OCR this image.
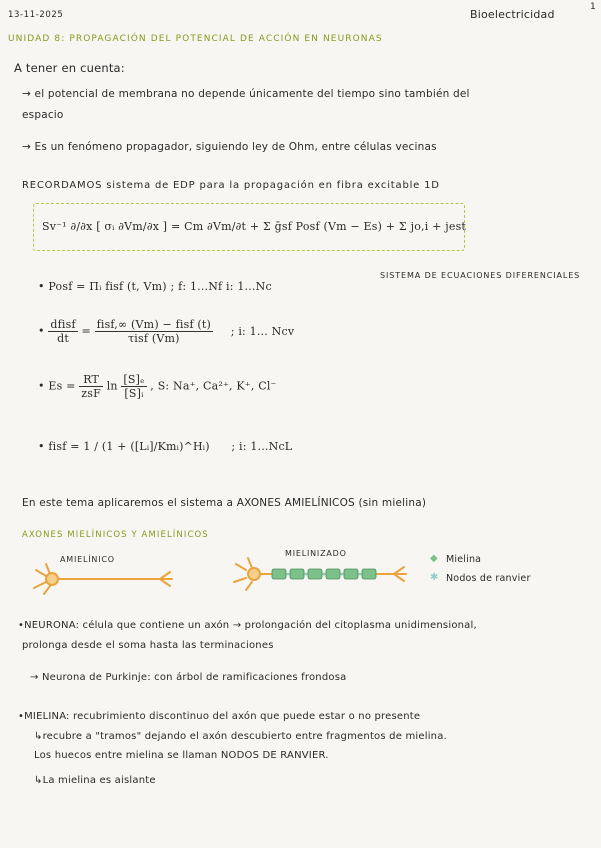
13-11-2025	Bioelectricidad
1
UNIDAD 8: PROPAGACIÓN DEL POTENCIAL DE ACCIÓN EN NEURONAS
A tener en cuenta:
→ el potencial de membrana no depende únicamente del tiempo sino también del
espacio
→ Es un fenómeno propagador, siguiendo ley de Ohm, entre células vecinas
RECORDAMOS sistema de EDP para la propagación en fibra excitable 1D
Sv⁻¹ ∂/∂x [ σᵢ ∂Vm/∂x ] = Cm ∂Vm/∂t + Σ ḡsf Posf (Vm − Es) + Σ jo,i + jest
SISTEMA DE ECUACIONES DIFERENCIALES
• Posf = Πᵢ fisf (t, Vm) ; f: 1...Nf i: 1...Nc
• $\frac{\text{dfisf}}{dt} = \frac{\text{fisf,∞ (Vm) − fisf (t)}}{\text{τisf (Vm)}}$ ; i: 1... Ncv
• $Es = \frac{RT}{\text{zsF}}$ $\ln \frac{\text{[S]ₑ}}{\text{[S]ᵢ}}$ , S: Na⁺, Ca²⁺, K⁺, Cl⁻
• fisf = 1 / (1 + ([Lᵢ]/Kmᵢ)^Hᵢ) ; i: 1...NcL
En este tema aplicaremos el sistema a AXONES AMIELÍNICOS (sin mielina)
AXONES MIELÍNICOS Y AMIELÍNICOS
AMIELÍNICO
MIELINIZADO	◆ Mielina
✱ Nodos de ranvier
•NEURONA: célula que contiene un axón → prolongación del citoplasma unidimensional,
prolonga desde el soma hasta las terminaciones
→ Neurona de Purkinje: con árbol de ramificaciones frondosa
•MIELINA: recubrimiento discontinuo del axón que puede estar o no presente
↳recubre a "tramos" dejando el axón descubierto entre fragmentos de mielina.
Los huecos entre mielina se llaman NODOS DE RANVIER.
↳La mielina es aislante
